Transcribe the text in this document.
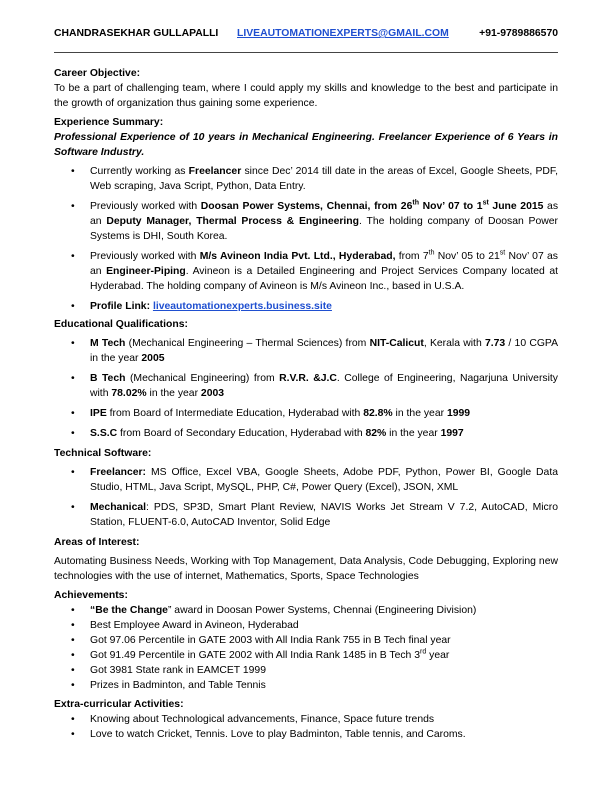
CHANDRASEKHAR GULLAPALLI LIVEAUTOMATIONEXPERTS@GMAIL.COM	+91-9789886570

Career Objective:

To be a part of challenging team, where I could apply my skills and knowledge to the best and participate in the growth of organization thus gaining some experience.

Experience Summary:

Professional Experience of 10 years in Mechanical Engineering. Freelancer Experience of 6 Years in Software Industry.

• Currently working as Freelancer since Dec’ 2014 till date in the areas of Excel, Google Sheets, PDF, Web scraping, Java Script, Python, Data Entry.
• Previously worked with Doosan Power Systems, Chennai, from 26th Nov’ 07 to 1st June 2015 as an Deputy Manager, Thermal Process & Engineering. The holding company of Doosan Power Systems is DHI, South Korea.
• Previously worked with M/s Avineon India Pvt. Ltd., Hyderabad, from 7th Nov’ 05 to 21st Nov’ 07 as an Engineer-Piping. Avineon is a Detailed Engineering and Project Services Company located at Hyderabad. The holding company of Avineon is M/s Avineon Inc., based in U.S.A.
• Profile Link: liveautomationexperts.business.site

Educational Qualifications:

• M Tech (Mechanical Engineering – Thermal Sciences) from NIT-Calicut, Kerala with 7.73 / 10 CGPA in the year 2005
• B Tech (Mechanical Engineering) from R.V.R. &J.C. College of Engineering, Nagarjuna University with 78.02% in the year 2003
• IPE from Board of Intermediate Education, Hyderabad with 82.8% in the year 1999
• S.S.C from Board of Secondary Education, Hyderabad with 82% in the year 1997

Technical Software:

• Freelancer: MS Office, Excel VBA, Google Sheets, Adobe PDF, Python, Power BI, Google Data Studio, HTML, Java Script, MySQL, PHP, C#, Power Query (Excel), JSON, XML
• Mechanical: PDS, SP3D, Smart Plant Review, NAVIS Works Jet Stream V 7.2, AutoCAD, Micro Station, FLUENT-6.0, AutoCAD Inventor, Solid Edge

Areas of Interest:

Automating Business Needs, Working with Top Management, Data Analysis, Code Debugging, Exploring new technologies with the use of internet, Mathematics, Sports, Space Technologies

Achievements:

• “Be the Change” award in Doosan Power Systems, Chennai (Engineering Division)
• Best Employee Award in Avineon, Hyderabad
• Got 97.06 Percentile in GATE 2003 with All India Rank 755 in B Tech final year
• Got 91.49 Percentile in GATE 2002 with All India Rank 1485 in B Tech 3rd year
• Got 3981 State rank in EAMCET 1999
• Prizes in Badminton, and Table Tennis

Extra-curricular Activities:

• Knowing about Technological advancements, Finance, Space future trends
• Love to watch Cricket, Tennis. Love to play Badminton, Table tennis, and Caroms.
